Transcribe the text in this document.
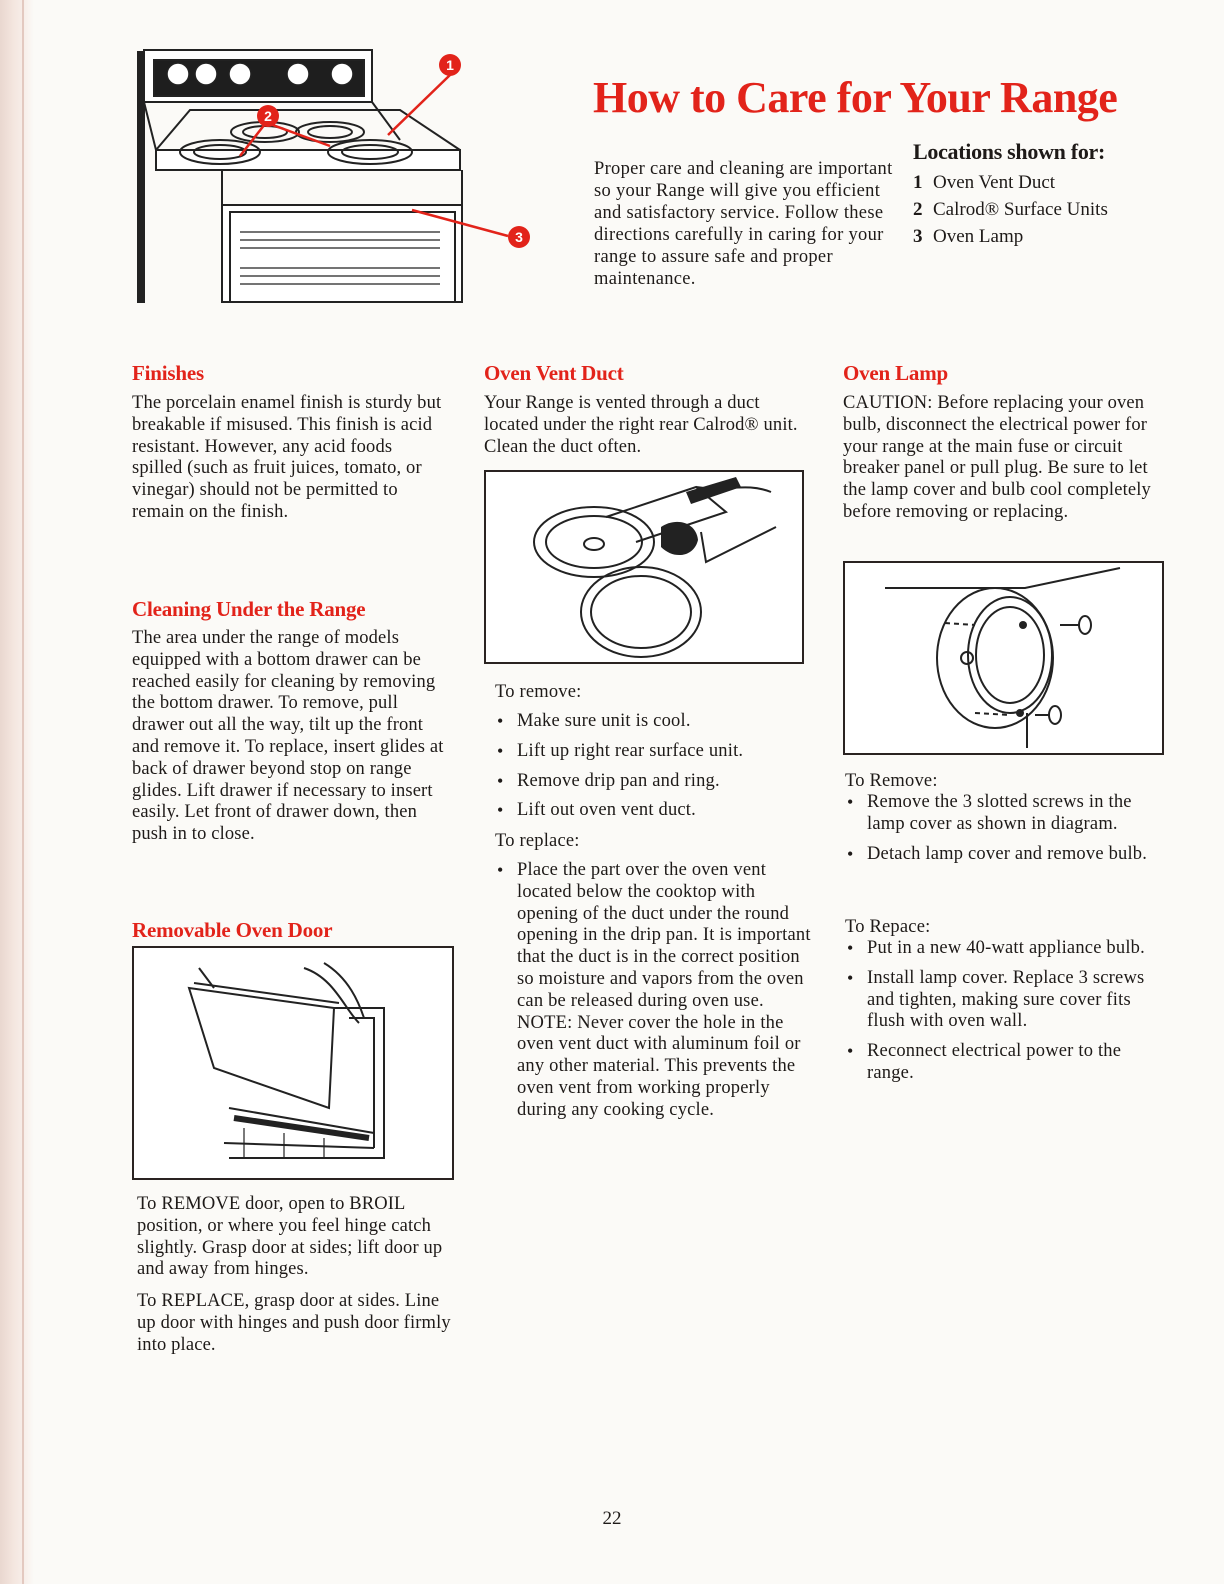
1
2
3
How to Care for Your Range

Proper care and cleaning are important so your Range will give you efficient and satisfactory service. Follow these directions carefully in caring for your range to assure safe and proper maintenance.

Locations shown for:
1 Oven Vent Duct
2 Calrod® Surface Units
3 Oven Lamp
Finishes

The porcelain enamel finish is sturdy but breakable if misused. This finish is acid resistant. However, any acid foods spilled (such as fruit juices, tomato, or vinegar) should not be permitted to remain on the finish.

Cleaning Under the Range

The area under the range of models equipped with a bottom drawer can be reached easily for cleaning by removing the bottom drawer. To remove, pull drawer out all the way, tilt up the front and remove it. To replace, insert glides at back of drawer beyond stop on range glides. Lift drawer if necessary to insert easily. Let front of drawer down, then push in to close.

Removable Oven Door

To REMOVE door, open to BROIL position, or where you feel hinge catch slightly. Grasp door at sides; lift door up and away from hinges.

To REPLACE, grasp door at sides. Line up door with hinges and push door firmly into place.

Oven Vent Duct

Your Range is vented through a duct located under the right rear Calrod® unit. Clean the duct often.

To remove:
• Make sure unit is cool.
• Lift up right rear surface unit.
• Remove drip pan and ring.
• Lift out oven vent duct.
To replace:
• Place the part over the oven vent located below the cooktop with opening of the duct under the round opening in the drip pan. It is important that the duct is in the correct position so moisture and vapors from the oven can be released during oven use. NOTE: Never cover the hole in the oven vent duct with aluminum foil or any other material. This prevents the oven vent from working properly during any cooking cycle.
Oven Lamp

CAUTION: Before replacing your oven bulb, disconnect the electrical power for your range at the main fuse or circuit breaker panel or pull plug. Be sure to let the lamp cover and bulb cool completely before removing or replacing.

To Remove:
• Remove the 3 slotted screws in the lamp cover as shown in diagram.
• Detach lamp cover and remove bulb.
To Repace:
• Put in a new 40-watt appliance bulb.
• Install lamp cover. Replace 3 screws and tighten, making sure cover fits flush with oven wall.
• Reconnect electrical power to the range.
22
